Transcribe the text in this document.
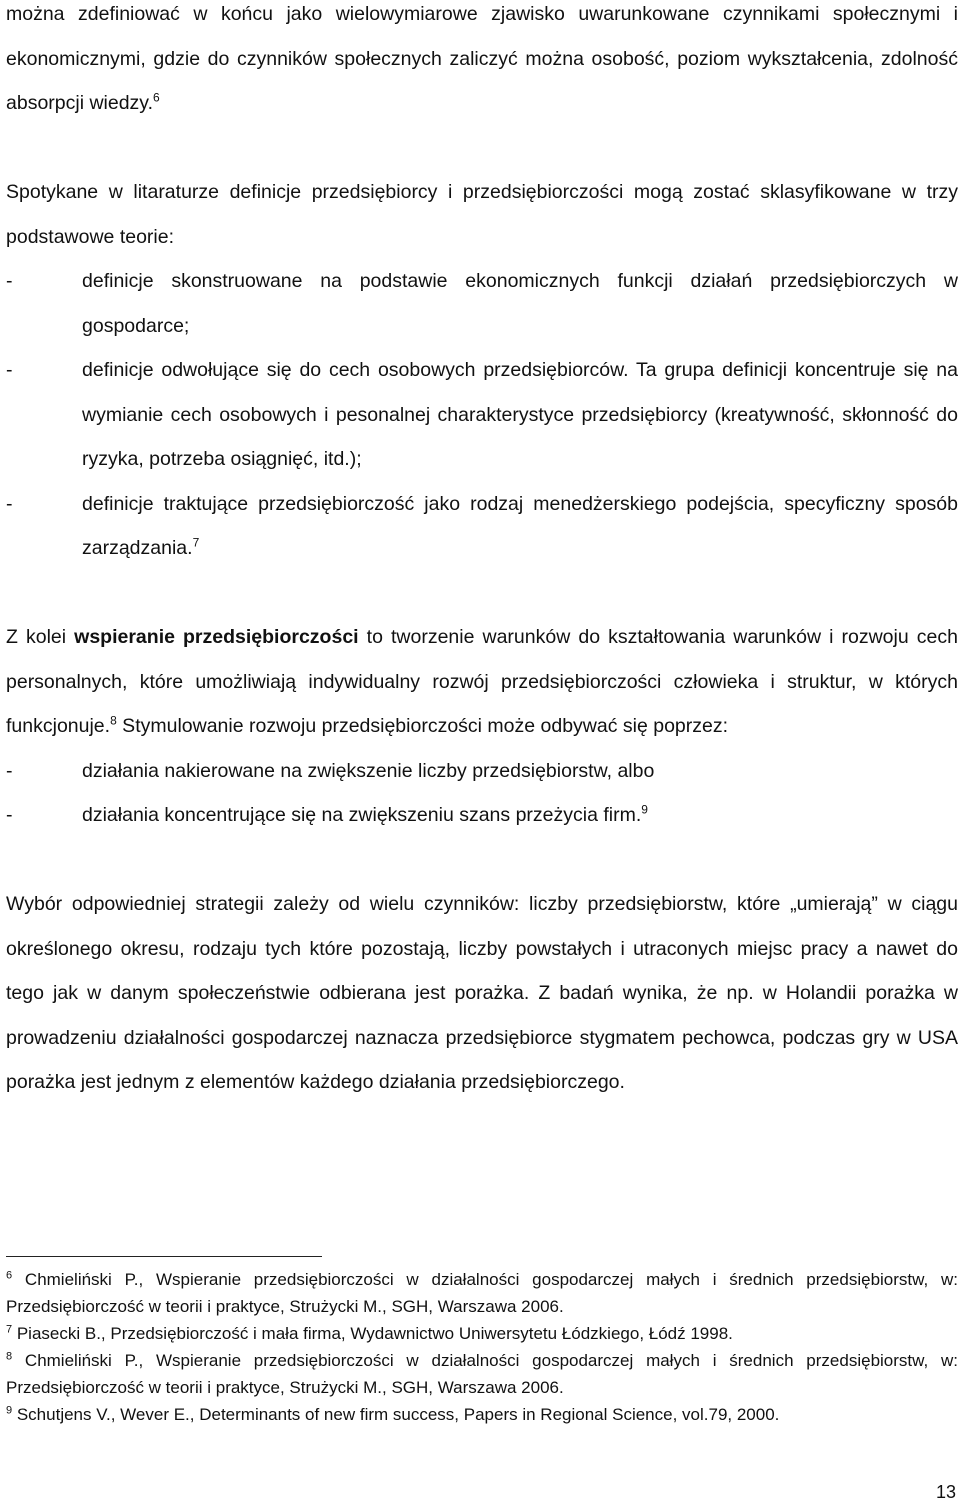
można zdefiniować w końcu jako wielowymiarowe zjawisko uwarunkowane czynnikami społecznymi i ekonomicznymi, gdzie do czynników społecznych zaliczyć można osobość, poziom wykształcenia, zdolność absorpcji wiedzy.$^6$

Spotykane w litaraturze definicje przedsiębiorcy i przedsiębiorczości mogą zostać sklasyfikowane w trzy podstawowe teorie:

-	definicje skonstruowane na podstawie ekonomicznych funkcji działań przedsiębiorczych w gospodarce;
-	definicje odwołujące się do cech osobowych przedsiębiorców. Ta grupa definicji koncentruje się na wymianie cech osobowych i pesonalnej charakterystyce przedsiębiorcy (kreatywność, skłonność do ryzyka, potrzeba osiągnięć, itd.);
-	definicje traktujące przedsiębiorczość jako rodzaj menedżerskiego podejścia, specyficzny sposób zarządzania.$^7$

Z kolei wspieranie przedsiębiorczości to tworzenie warunków do kształtowania warunków i rozwoju cech personalnych, które umożliwiają indywidualny rozwój przedsiębiorczości człowieka i struktur, w których funkcjonuje.$^8$ Stymulowanie rozwoju przedsiębiorczości może odbywać się poprzez:

-	działania nakierowane na zwiększenie liczby przedsiębiorstw, albo
-	działania koncentrujące się na zwiększeniu szans przeżycia firm.$^9$

Wybór odpowiedniej strategii zależy od wielu czynników: liczby przedsiębiorstw, które „umierają” w ciągu określonego okresu, rodzaju tych które pozostają, liczby powstałych i utraconych miejsc pracy a nawet do tego jak w danym społeczeństwie odbierana jest porażka. Z badań wynika, że np. w Holandii porażka w prowadzeniu działalności gospodarczej naznacza przedsiębiorce stygmatem pechowca, podczas gry w USA porażka jest jednym z elementów każdego działania przedsiębiorczego.

$^6$ Chmieliński P., Wspieranie przedsiębiorczości w działalności gospodarczej małych i średnich przedsiębiorstw, w: Przedsiębiorczość w teorii i praktyce, Strużycki M., SGH, Warszawa 2006.

$^7$ Piasecki B., Przedsiębiorczość i mała firma, Wydawnictwo Uniwersytetu Łódzkiego, Łódź 1998.

$^8$ Chmieliński P., Wspieranie przedsiębiorczości w działalności gospodarczej małych i średnich przedsiębiorstw, w: Przedsiębiorczość w teorii i praktyce, Strużycki M., SGH, Warszawa 2006.

$^9$ Schutjens V., Wever E., Determinants of new firm success, Papers in Regional Science, vol.79, 2000.

13
